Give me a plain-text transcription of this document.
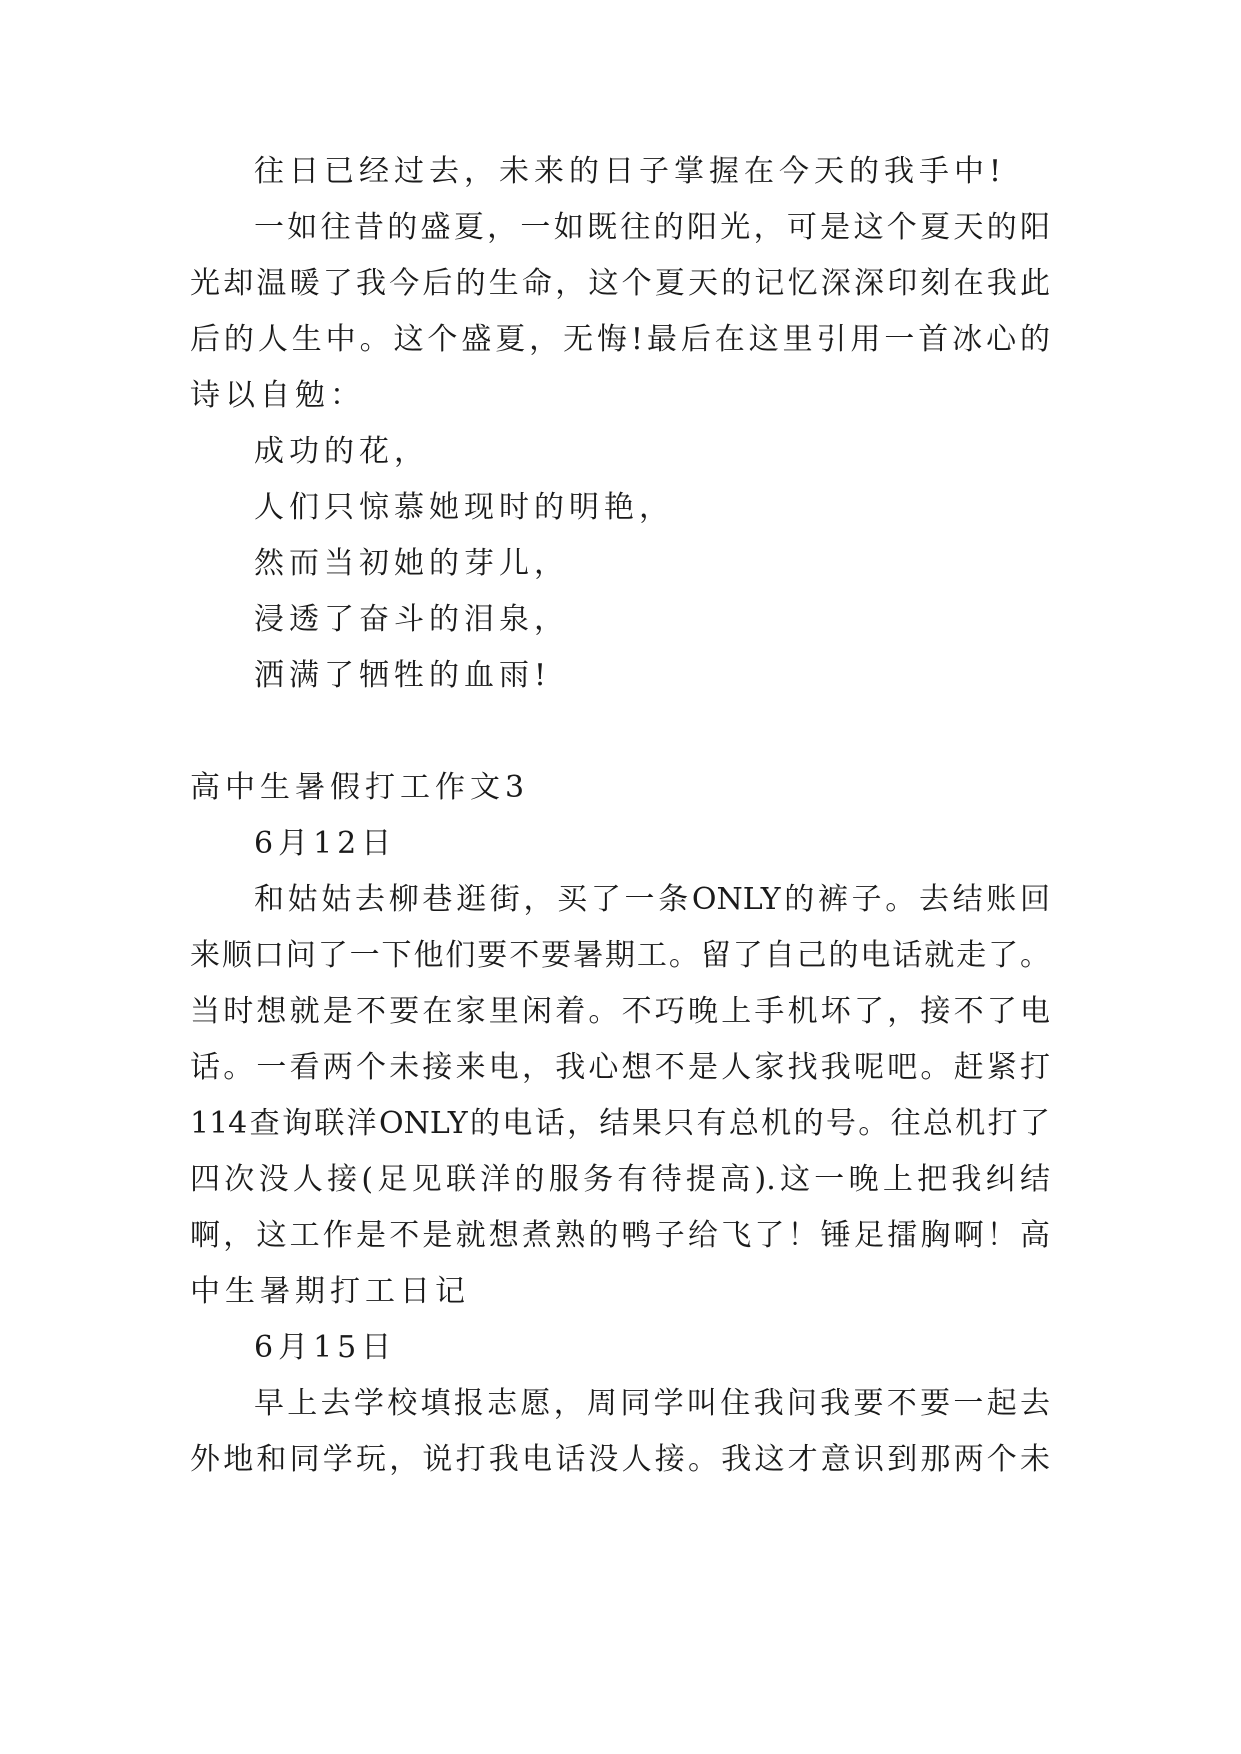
往日已经过去，未来的日子掌握在今天的我手中!
一如往昔的盛夏，一如既往的阳光，可是这个夏天的阳
光却温暖了我今后的生命，这个夏天的记忆深深印刻在我此
后的人生中。这个盛夏，无悔!最后在这里引用一首冰心的
诗以自勉：
成功的花，
人们只惊慕她现时的明艳，
然而当初她的芽儿，
浸透了奋斗的泪泉，
洒满了牺牲的血雨!
高中生暑假打工作文3
6月12日
和姑姑去柳巷逛街，买了一条ONLY的裤子。去结账回
来顺口问了一下他们要不要暑期工。留了自己的电话就走了。
当时想就是不要在家里闲着。不巧晚上手机坏了，接不了电
话。一看两个未接来电，我心想不是人家找我呢吧。赶紧打
114查询联洋ONLY的电话，结果只有总机的号。往总机打了
四次没人接(足见联洋的服务有待提高).这一晚上把我纠结
啊，这工作是不是就想煮熟的鸭子给飞了！锤足擂胸啊！高
中生暑期打工日记
6月15日
早上去学校填报志愿，周同学叫住我问我要不要一起去
外地和同学玩，说打我电话没人接。我这才意识到那两个未
